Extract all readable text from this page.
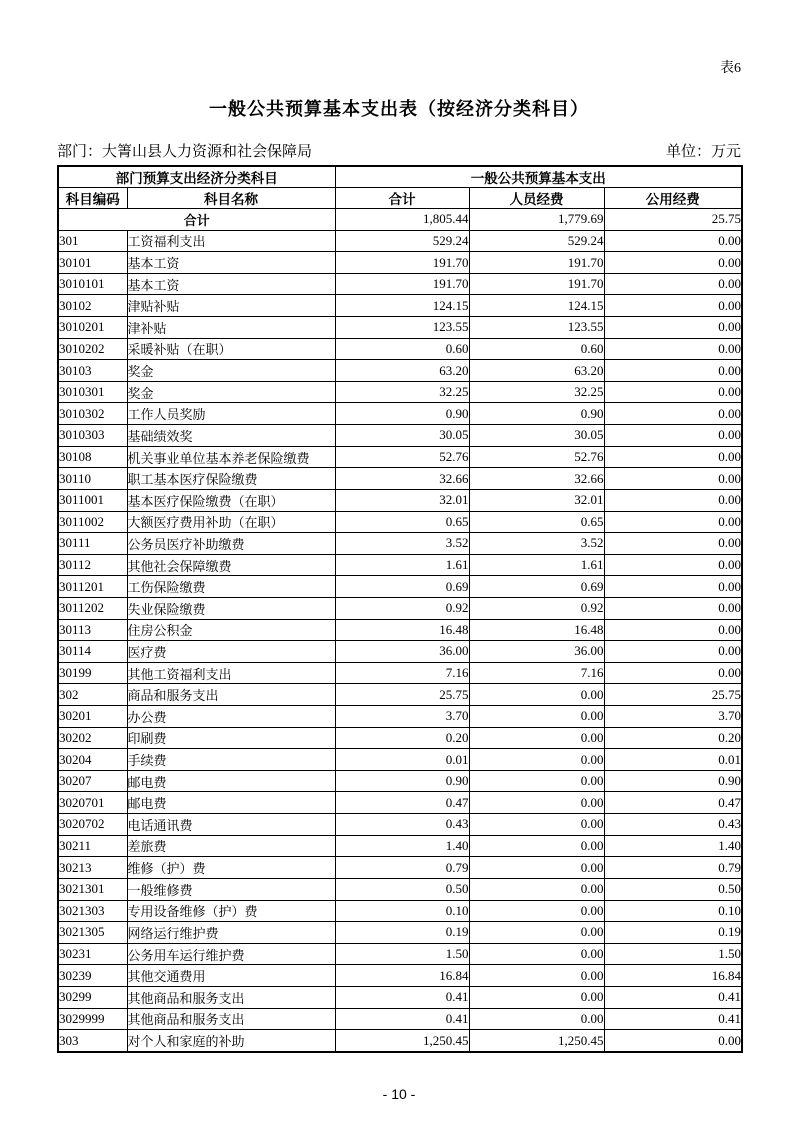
表6
一般公共预算基本支出表（按经济分类科目）
部门：大箐山县人力资源和社会保障局	单位：万元
部门预算支出经济分类科目		一般公共预算基本支出		
科目编码	科目名称	合计	人员经费	公用经费
合计		1,805.44	1,779.69	25.75
301	工资福利支出	529.24	529.24	0.00
30101	基本工资	191.70	191.70	0.00
3010101	基本工资	191.70	191.70	0.00
30102	津贴补贴	124.15	124.15	0.00
3010201	津补贴	123.55	123.55	0.00
3010202	采暖补贴（在职）	0.60	0.60	0.00
30103	奖金	63.20	63.20	0.00
3010301	奖金	32.25	32.25	0.00
3010302	工作人员奖励	0.90	0.90	0.00
3010303	基础绩效奖	30.05	30.05	0.00
30108	机关事业单位基本养老保险缴费	52.76	52.76	0.00
30110	职工基本医疗保险缴费	32.66	32.66	0.00
3011001	基本医疗保险缴费（在职）	32.01	32.01	0.00
3011002	大额医疗费用补助（在职）	0.65	0.65	0.00
30111	公务员医疗补助缴费	3.52	3.52	0.00
30112	其他社会保障缴费	1.61	1.61	0.00
3011201	工伤保险缴费	0.69	0.69	0.00
3011202	失业保险缴费	0.92	0.92	0.00
30113	住房公积金	16.48	16.48	0.00
30114	医疗费	36.00	36.00	0.00
30199	其他工资福利支出	7.16	7.16	0.00
302	商品和服务支出	25.75	0.00	25.75
30201	办公费	3.70	0.00	3.70
30202	印刷费	0.20	0.00	0.20
30204	手续费	0.01	0.00	0.01
30207	邮电费	0.90	0.00	0.90
3020701	邮电费	0.47	0.00	0.47
3020702	电话通讯费	0.43	0.00	0.43
30211	差旅费	1.40	0.00	1.40
30213	维修（护）费	0.79	0.00	0.79
3021301	一般维修费	0.50	0.00	0.50
3021303	专用设备维修（护）费	0.10	0.00	0.10
3021305	网络运行维护费	0.19	0.00	0.19
30231	公务用车运行维护费	1.50	0.00	1.50
30239	其他交通费用	16.84	0.00	16.84
30299	其他商品和服务支出	0.41	0.00	0.41
3029999	其他商品和服务支出	0.41	0.00	0.41
303	对个人和家庭的补助	1,250.45	1,250.45	0.00
- 10 -
